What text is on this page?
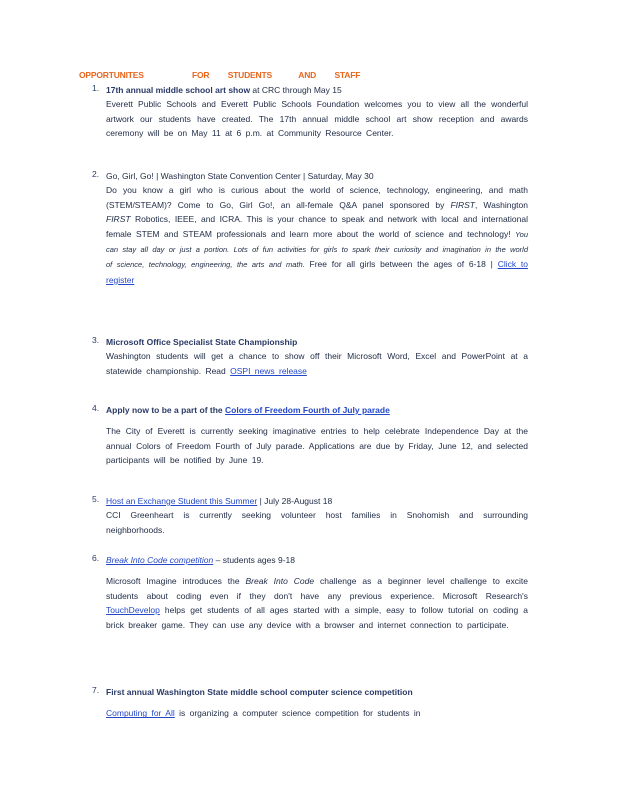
OPPORTUNITES	FOR STUDENTS	AND STAFF
1. 17th annual middle school art show at CRC through May 15
Everett Public Schools and Everett Public Schools Foundation welcomes you to view all the wonderful artwork our students have created. The 17th annual middle school art show reception and awards ceremony will be on May 11 at 6 p.m. at Community Resource Center.
2. Go, Girl, Go! | Washington State Convention Center | Saturday, May 30
Do you know a girl who is curious about the world of science, technology, engineering, and math (STEM/STEAM)? Come to Go, Girl Go!, an all-female Q&A panel sponsored by FIRST, Washington FIRST Robotics, IEEE, and ICRA. This is your chance to speak and network with local and international female STEM and STEAM professionals and learn more about the world of science and technology! You can stay all day or just a portion. Lots of fun activities for girls to spark their curiosity and imagination in the world of science, technology, engineering, the arts and math. Free for all girls between the ages of 6-18 | Click to register
3. Microsoft Office Specialist State Championship
Washington students will get a chance to show off their Microsoft Word, Excel and PowerPoint at a statewide championship. Read OSPI news release
4. Apply now to be a part of the Colors of Freedom Fourth of July parade
The City of Everett is currently seeking imaginative entries to help celebrate Independence Day at the annual Colors of Freedom Fourth of July parade. Applications are due by Friday, June 12, and selected participants will be notified by June 19.
5. Host an Exchange Student this Summer | July 28-August 18
CCI Greenheart is currently seeking volunteer host families in Snohomish and surrounding neighborhoods.
6. Break Into Code competition – students ages 9-18
Microsoft Imagine introduces the Break Into Code challenge as a beginner level challenge to excite students about coding even if they don't have any previous experience. Microsoft Research's TouchDevelop helps get students of all ages started with a simple, easy to follow tutorial on coding a brick breaker game. They can use any device with a browser and internet connection to participate.
7. First annual Washington State middle school computer science competition
Computing for All is organizing a computer science competition for students in
